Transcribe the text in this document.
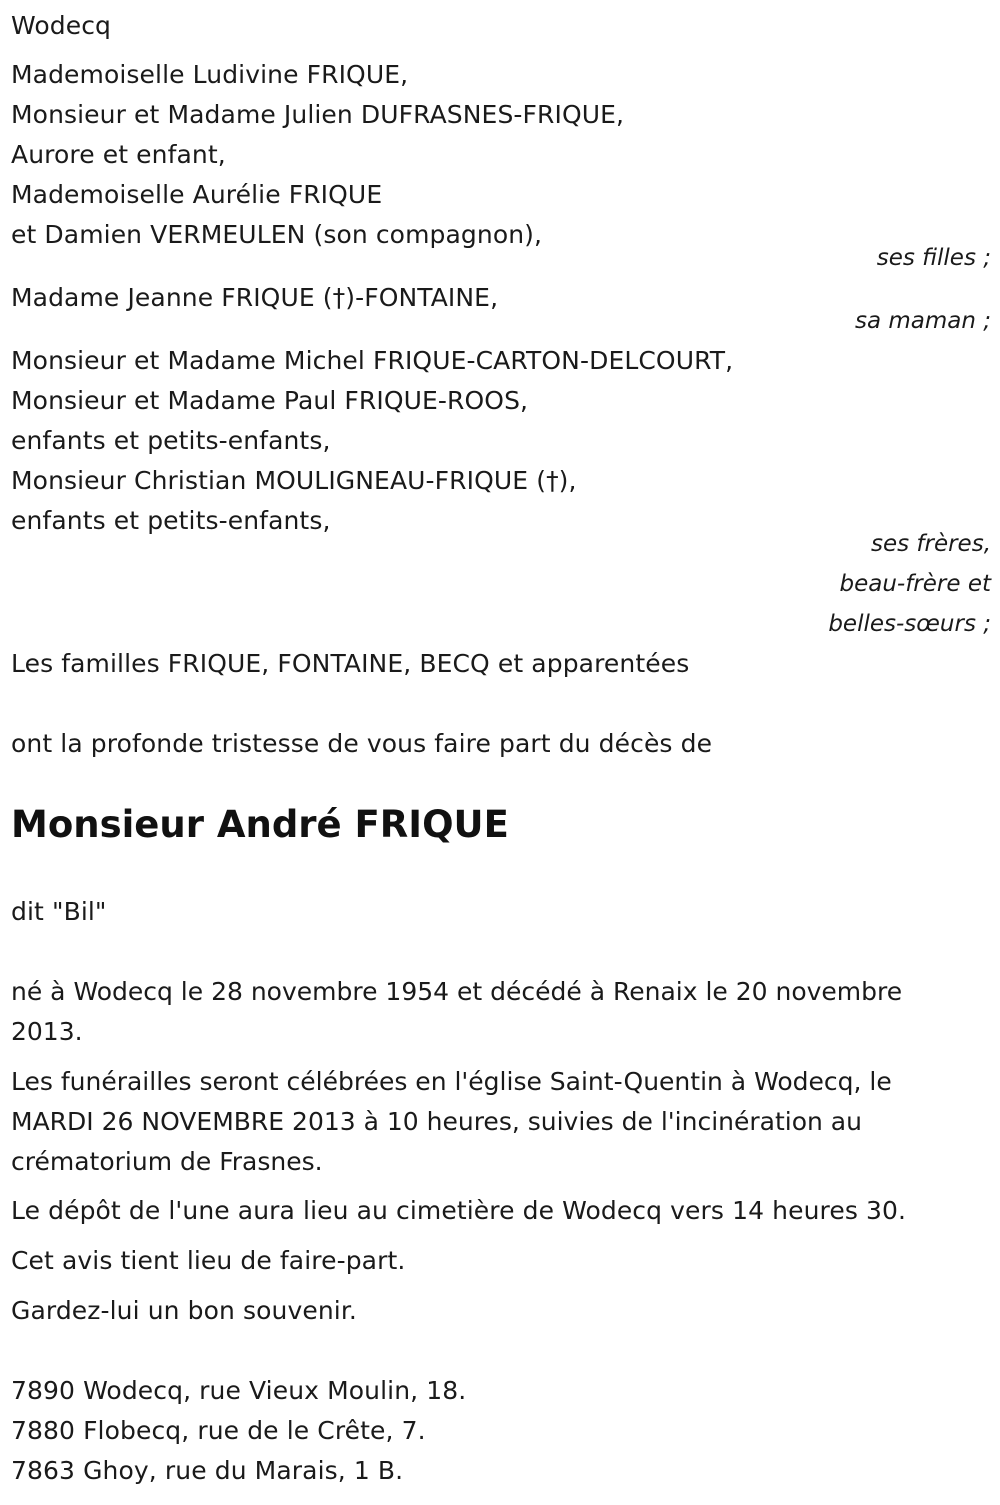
Wodecq
Mademoiselle Ludivine FRIQUE,
Monsieur et Madame Julien DUFRASNES-FRIQUE,
Aurore et enfant,
Mademoiselle Aurélie FRIQUE
et Damien VERMEULEN (son compagnon),
ses filles ;
Madame Jeanne FRIQUE (†)-FONTAINE,
sa maman ;
Monsieur et Madame Michel FRIQUE-CARTON-DELCOURT,
Monsieur et Madame Paul FRIQUE-ROOS,
enfants et petits-enfants,
Monsieur Christian MOULIGNEAU-FRIQUE (†),
enfants et petits-enfants,
ses frères,
beau-frère et
belles-sœurs ;
Les familles FRIQUE, FONTAINE, BECQ et apparentées
ont la profonde tristesse de vous faire part du décès de
Monsieur André FRIQUE
dit "Bil"
né à Wodecq le 28 novembre 1954 et décédé à Renaix le 20 novembre 2013.
Les funérailles seront célébrées en l'église Saint-Quentin à Wodecq, le MARDI 26 NOVEMBRE 2013 à 10 heures, suivies de l'incinération au crématorium de Frasnes.
Le dépôt de l'une aura lieu au cimetière de Wodecq vers 14 heures 30.
Cet avis tient lieu de faire-part.
Gardez-lui un bon souvenir.
7890 Wodecq, rue Vieux Moulin, 18.
7880 Flobecq, rue de le Crête, 7.
7863 Ghoy, rue du Marais, 1 B.
